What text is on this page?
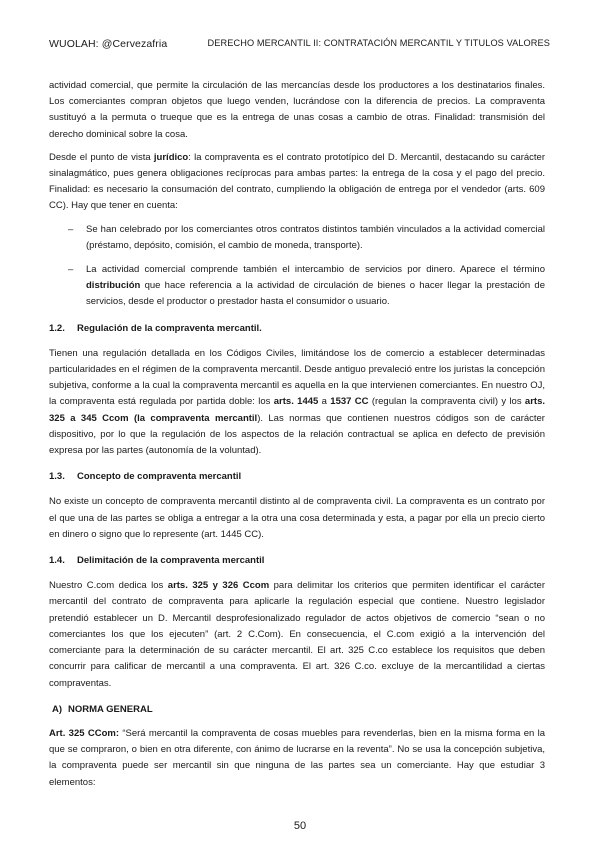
WUOLAH: @Cervezafria	DERECHO MERCANTIL II: CONTRATACIÓN MERCANTIL Y TITULOS VALORES

actividad comercial, que permite la circulación de las mercancías desde los productores a los destinatarios finales. Los comerciantes compran objetos que luego venden, lucrándose con la diferencia de precios. La compraventa sustituyó a la permuta o trueque que es la entrega de unas cosas a cambio de otras. Finalidad: transmisión del derecho dominical sobre la cosa.

Desde el punto de vista jurídico: la compraventa es el contrato prototípico del D. Mercantil, destacando su carácter sinalagmático, pues genera obligaciones recíprocas para ambas partes: la entrega de la cosa y el pago del precio. Finalidad: es necesario la consumación del contrato, cumpliendo la obligación de entrega por el vendedor (arts. 609 CC). Hay que tener en cuenta:

– Se han celebrado por los comerciantes otros contratos distintos también vinculados a la actividad comercial (préstamo, depósito, comisión, el cambio de moneda, transporte).
– La actividad comercial comprende también el intercambio de servicios por dinero. Aparece el término distribución que hace referencia a la actividad de circulación de bienes o hacer llegar la prestación de servicios, desde el productor o prestador hasta el consumidor o usuario.
1.2. Regulación de la compraventa mercantil.

Tienen una regulación detallada en los Códigos Civiles, limitándose los de comercio a establecer determinadas particularidades en el régimen de la compraventa mercantil. Desde antiguo prevaleció entre los juristas la concepción subjetiva, conforme a la cual la compraventa mercantil es aquella en la que intervienen comerciantes. En nuestro OJ, la compraventa está regulada por partida doble: los arts. 1445 a 1537 CC (regulan la compraventa civil) y los arts. 325 a 345 Ccom (la compraventa mercantil). Las normas que contienen nuestros códigos son de carácter dispositivo, por lo que la regulación de los aspectos de la relación contractual se aplica en defecto de previsión expresa por las partes (autonomía de la voluntad).

1.3. Concepto de compraventa mercantil

No existe un concepto de compraventa mercantil distinto al de compraventa civil. La compraventa es un contrato por el que una de las partes se obliga a entregar a la otra una cosa determinada y esta, a pagar por ella un precio cierto en dinero o signo que lo represente (art. 1445 CC).

1.4. Delimitación de la compraventa mercantil

Nuestro C.com dedica los arts. 325 y 326 Ccom para delimitar los criterios que permiten identificar el carácter mercantil del contrato de compraventa para aplicarle la regulación especial que contiene. Nuestro legislador pretendió establecer un D. Mercantil desprofesionalizado regulador de actos objetivos de comercio “sean o no comerciantes los que los ejecuten” (art. 2 C.Com). En consecuencia, el C.com exigió a la intervención del comerciante para la determinación de su carácter mercantil. El art. 325 C.co establece los requisitos que deben concurrir para calificar de mercantil a una compraventa. El art. 326 C.co. excluye de la mercantilidad a ciertas compraventas.

A) NORMA GENERAL

Art. 325 CCom: “Será mercantil la compraventa de cosas muebles para revenderlas, bien en la misma forma en la que se compraron, o bien en otra diferente, con ánimo de lucrarse en la reventa”. No se usa la concepción subjetiva, la compraventa puede ser mercantil sin que ninguna de las partes sea un comerciante. Hay que estudiar 3 elementos:

50
